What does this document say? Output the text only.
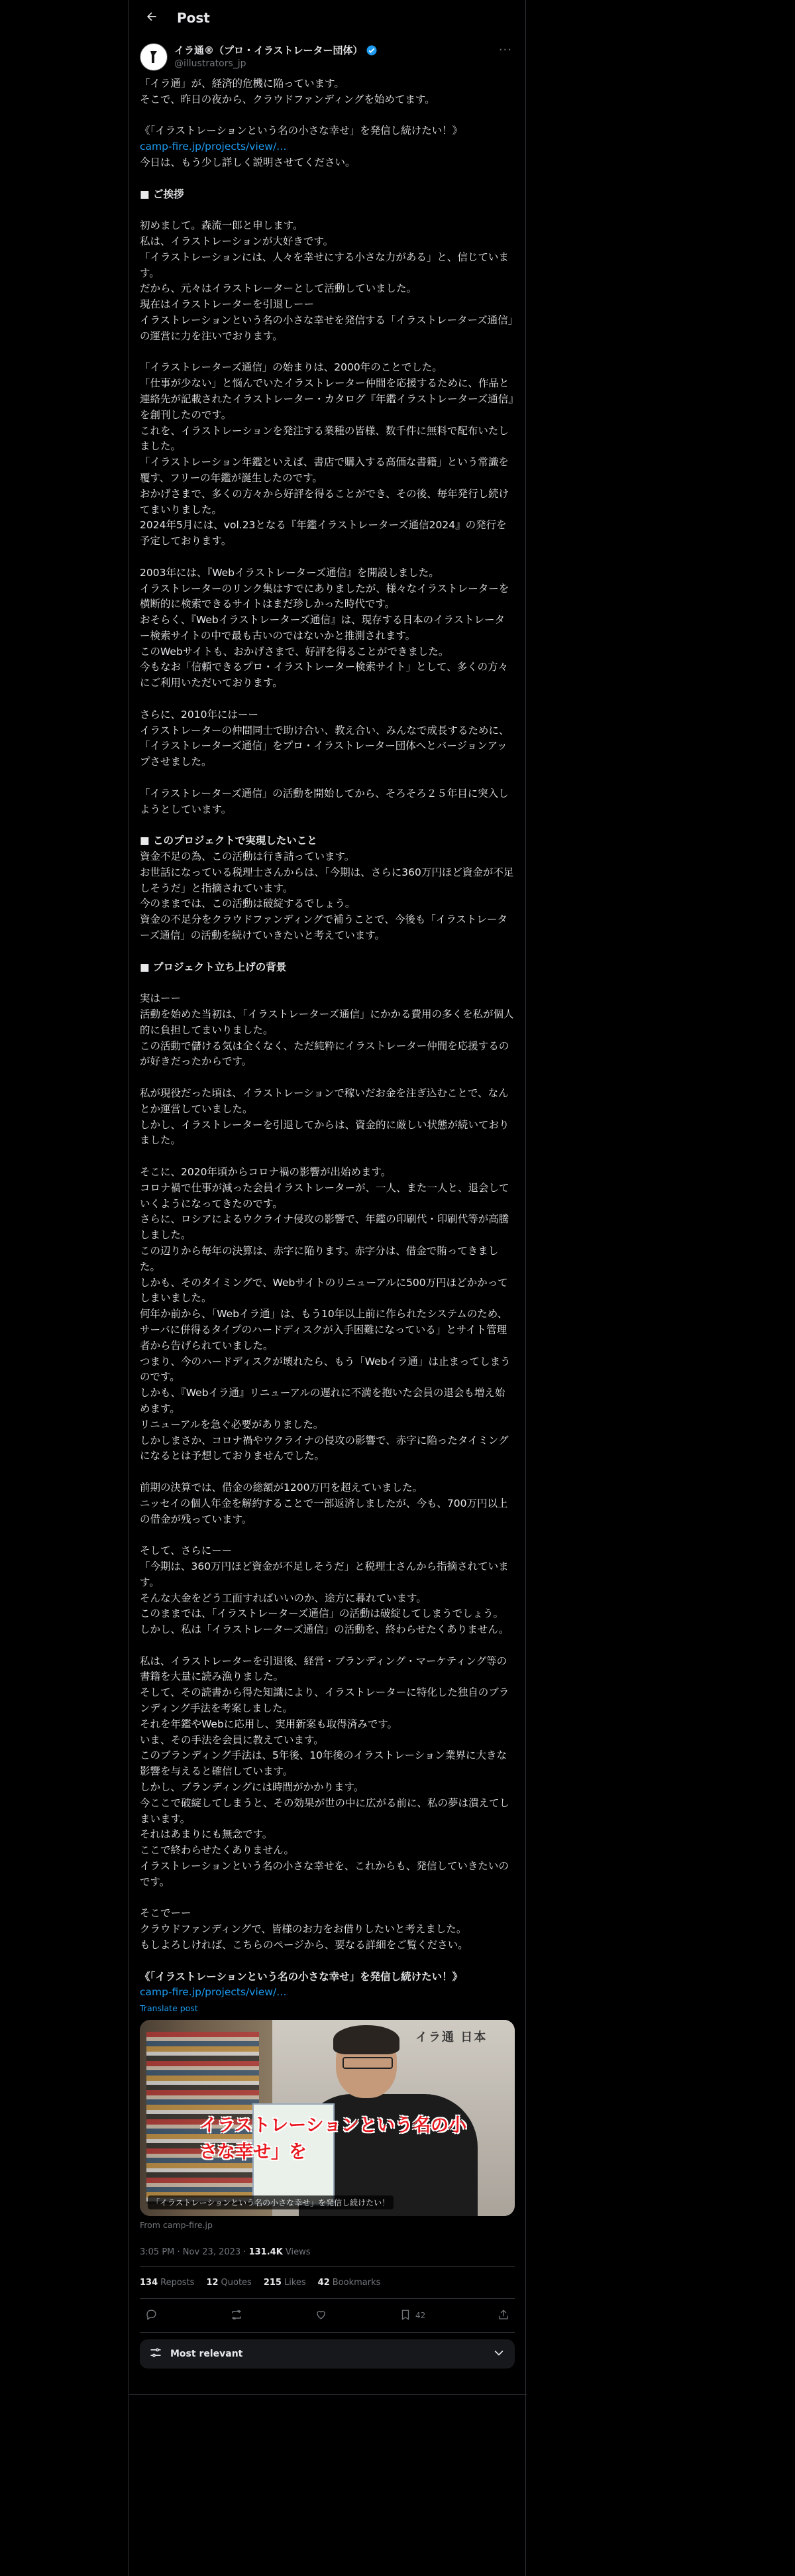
Post
イラ通®（プロ・イラストレーター団体）
@illustrators_jp
···
「イラ通」が、経済的危機に陥っています。
そこで、昨日の夜から、クラウドファンディングを始めてます。

《「イラストレーションという名の小さな幸せ」を発信し続けたい！》
camp-fire.jp/projects/view/…
今日は、もう少し詳しく説明させてください。

■ ご挨拶

初めまして。森流一郎と申します。
私は、イラストレーションが大好きです。
「イラストレーションには、人々を幸せにする小さな力がある」と、信じています。
だから、元々はイラストレーターとして活動していました。
現在はイラストレーターを引退しーー
イラストレーションという名の小さな幸せを発信する「イラストレーターズ通信」の運営に力を注いでおります。

「イラストレーターズ通信」の始まりは、2000年のことでした。
「仕事が少ない」と悩んでいたイラストレーター仲間を応援するために、作品と連絡先が記載されたイラストレーター・カタログ『年鑑イラストレーターズ通信』を創刊したのです。
これを、イラストレーションを発注する業種の皆様、数千件に無料で配布いたしました。
「イラストレーション年鑑といえば、書店で購入する高価な書籍」という常識を覆す、フリーの年鑑が誕生したのです。
おかげさまで、多くの方々から好評を得ることができ、その後、毎年発行し続けてまいりました。
2024年5月には、vol.23となる『年鑑イラストレーターズ通信2024』の発行を予定しております。

2003年には、『Webイラストレーターズ通信』を開設しました。
イラストレーターのリンク集はすでにありましたが、様々なイラストレーターを横断的に検索できるサイトはまだ珍しかった時代です。
おそらく、『Webイラストレーターズ通信』は、現存する日本のイラストレーター検索サイトの中で最も古いのではないかと推測されます。
このWebサイトも、おかげさまで、好評を得ることができました。
今もなお「信頼できるプロ・イラストレーター検索サイト」として、多くの方々にご利用いただいております。

さらに、2010年にはーー
イラストレーターの仲間同士で助け合い、教え合い、みんなで成長するために、「イラストレーターズ通信」をプロ・イラストレーター団体へとバージョンアップさせました。

「イラストレーターズ通信」の活動を開始してから、そろそろ２５年目に突入しようとしています。

■ このプロジェクトで実現したいこと
資金不足の為、この活動は行き詰っています。
お世話になっている税理士さんからは、「今期は、さらに360万円ほど資金が不足しそうだ」と指摘されています。
今のままでは、この活動は破綻するでしょう。
資金の不足分をクラウドファンディングで補うことで、今後も「イラストレーターズ通信」の活動を続けていきたいと考えています。

■ プロジェクト立ち上げの背景

実はーー
活動を始めた当初は、「イラストレーターズ通信」にかかる費用の多くを私が個人的に負担してまいりました。
この活動で儲ける気は全くなく、ただ純粋にイラストレーター仲間を応援するのが好きだったからです。

私が現役だった頃は、イラストレーションで稼いだお金を注ぎ込むことで、なんとか運営していました。
しかし、イラストレーターを引退してからは、資金的に厳しい状態が続いておりました。

そこに、2020年頃からコロナ禍の影響が出始めます。
コロナ禍で仕事が減った会員イラストレーターが、一人、また一人と、退会していくようになってきたのです。
さらに、ロシアによるウクライナ侵攻の影響で、年鑑の印刷代・印刷代等が高騰しました。
この辺りから毎年の決算は、赤字に陥ります。赤字分は、借金で賄ってきました。
しかも、そのタイミングで、Webサイトのリニューアルに500万円ほどかかってしまいました。
何年か前から、「Webイラ通」は、もう10年以上前に作られたシステムのため、サーバに併得るタイプのハードディスクが入手困難になっている」とサイト管理者から告げられていました。
つまり、今のハードディスクが壊れたら、もう「Webイラ通」は止まってしまうのです。
しかも、『Webイラ通』リニューアルの遅れに不満を抱いた会員の退会も増え始めます。
リニューアルを急ぐ必要がありました。
しかしまさか、コロナ禍やウクライナの侵攻の影響で、赤字に陥ったタイミングになるとは予想しておりませんでした。

前期の決算では、借金の総額が1200万円を超えていました。
ニッセイの個人年金を解約することで一部返済しましたが、今も、700万円以上の借金が残っています。

そして、さらにーー
「今期は、360万円ほど資金が不足しそうだ」と税理士さんから指摘されています。
そんな大金をどう工面すればいいのか、途方に暮れています。
このままでは、「イラストレーターズ通信」の活動は破綻してしまうでしょう。
しかし、私は「イラストレーターズ通信」の活動を、終わらせたくありません。

私は、イラストレーターを引退後、経営・ブランディング・マーケティング等の書籍を大量に読み漁りました。
そして、その読書から得た知識により、イラストレーターに特化した独自のブランディング手法を考案しました。
それを年鑑やWebに応用し、実用新案も取得済みです。
いま、その手法を会員に教えています。
このブランディング手法は、5年後、10年後のイラストレーション業界に大きな影響を与えると確信しています。
しかし、ブランディングには時間がかかります。
今ここで破綻してしまうと、その効果が世の中に広がる前に、私の夢は潰えてしまいます。
それはあまりにも無念です。
ここで終わらせたくありません。
イラストレーションという名の小さな幸せを、これからも、発信していきたいのです。

そこでーー
クラウドファンディングで、皆様のお力をお借りしたいと考えました。
もしよろしければ、こちらのページから、要なる詳細をご覧ください。

《「イラストレーションという名の小さな幸せ」を発信し続けたい！》
camp-fire.jp/projects/view/…
Translate post
イラ通 日本
イラストレーションという名の小さな幸せ」を
「イラストレーションという名の小さな幸せ」を発信し続けたい！
From camp-fire.jp
3:05 PM · Nov 23, 2023 · 131.4K Views
134 Reposts 12 Quotes 215 Likes 42 Bookmarks
42
Most relevant
